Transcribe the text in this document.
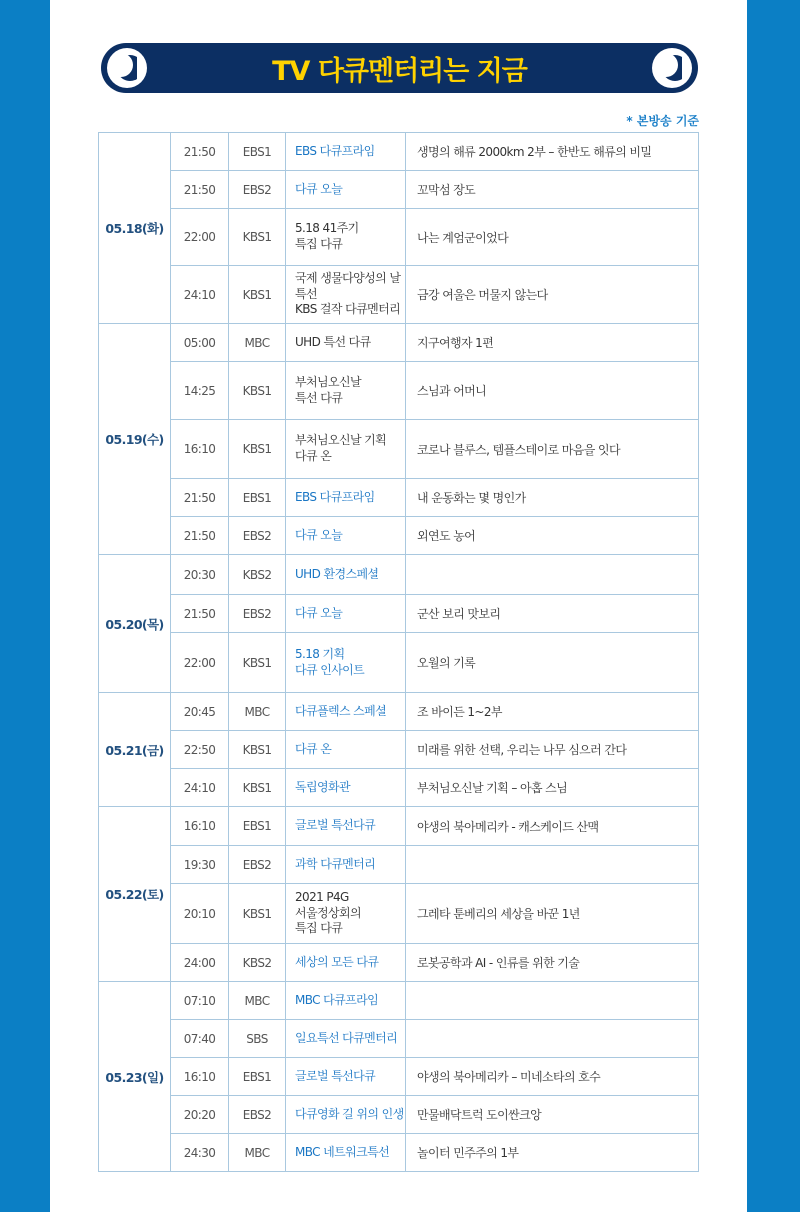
TV 다큐멘터리는 지금
* 본방송 기준
05.18(화)	21:50	EBS1	EBS 다큐프라임	생명의 해류 2000km 2부 – 한반도 해류의 비밀
	21:50	EBS2	다큐 오늘	꼬막섬 장도
	22:00	KBS1	5.18 41주기
특집 다큐	나는 계엄군이었다
	24:10	KBS1	국제 생물다양성의 날
특선
KBS 걸작 다큐멘터리	금강 여울은 머물지 않는다
05.19(수)	05:00	MBC	UHD 특선 다큐	지구여행자 1편
	14:25	KBS1	부처님오신날
특선 다큐	스님과 어머니
	16:10	KBS1	부처님오신날 기획
다큐 온	코로나 블루스, 템플스테이로 마음을 잇다
	21:50	EBS1	EBS 다큐프라임	내 운동화는 몇 명인가
	21:50	EBS2	다큐 오늘	외연도 농어
05.20(목)	20:30	KBS2	UHD 환경스페셜	
	21:50	EBS2	다큐 오늘	군산 보리 맛보리
	22:00	KBS1	5.18 기획
다큐 인사이트	오월의 기록
05.21(금)	20:45	MBC	다큐플렉스 스페셜	조 바이든 1~2부
	22:50	KBS1	다큐 온	미래를 위한 선택, 우리는 나무 심으러 간다
	24:10	KBS1	독립영화관	부처님오신날 기획 – 아홉 스님
05.22(토)	16:10	EBS1	글로벌 특선다큐	야생의 북아메리카 - 캐스케이드 산맥
	19:30	EBS2	과학 다큐멘터리	
	20:10	KBS1	2021 P4G
서울정상회의
특집 다큐	그레타 툰베리의 세상을 바꾼 1년
	24:00	KBS2	세상의 모든 다큐	로봇공학과 AI - 인류를 위한 기술
05.23(일)	07:10	MBC	MBC 다큐프라임	
	07:40	SBS	일요특선 다큐멘터리	
	16:10	EBS1	글로벌 특선다큐	야생의 북아메리카 – 미네소타의 호수
	20:20	EBS2	다큐영화 길 위의 인생	만물배닥트럭 도이싼크앙
	24:30	MBC	MBC 네트워크특선	놀이터 민주주의 1부
